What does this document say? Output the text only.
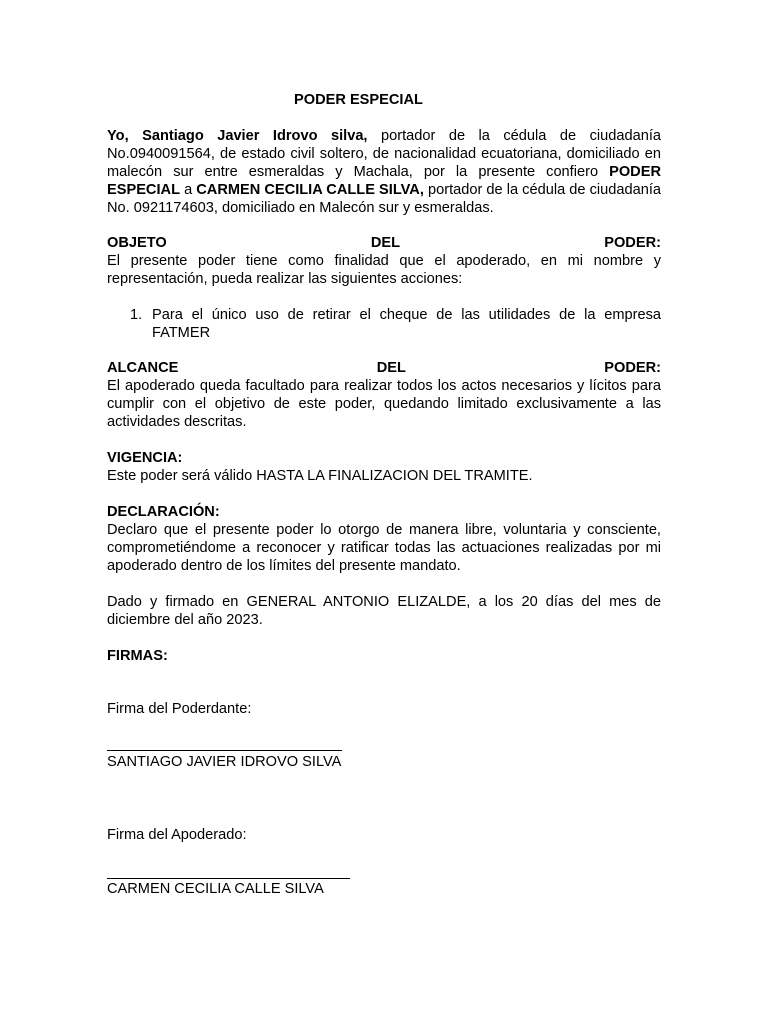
PODER ESPECIAL

Yo, Santiago Javier Idrovo silva, portador de la cédula de ciudadanía No.0940091564, de estado civil soltero, de nacionalidad ecuatoriana, domiciliado en malecón sur entre esmeraldas y Machala, por la presente confiero PODER ESPECIAL a CARMEN CECILIA CALLE SILVA, portador de la cédula de ciudadanía No. 0921174603, domiciliado en Malecón sur y esmeraldas.

OBJETO	DEL	PODER:

El presente poder tiene como finalidad que el apoderado, en mi nombre y representación, pueda realizar las siguientes acciones:

1. Para el único uso de retirar el cheque de las utilidades de la empresa FATMER
ALCANCE	DEL	PODER:

El apoderado queda facultado para realizar todos los actos necesarios y lícitos para cumplir con el objetivo de este poder, quedando limitado exclusivamente a las actividades descritas.

VIGENCIA:

Este poder será válido HASTA LA FINALIZACION DEL TRAMITE.

DECLARACIÓN:

Declaro que el presente poder lo otorgo de manera libre, voluntaria y consciente, comprometiéndome a reconocer y ratificar todas las actuaciones realizadas por mi apoderado dentro de los límites del presente mandato.

Dado y firmado en GENERAL ANTONIO ELIZALDE, a los 20 días del mes de diciembre del año 2023.

FIRMAS:
Firma del Poderdante:
SANTIAGO JAVIER IDROVO SILVA
Firma del Apoderado:
CARMEN CECILIA CALLE SILVA
